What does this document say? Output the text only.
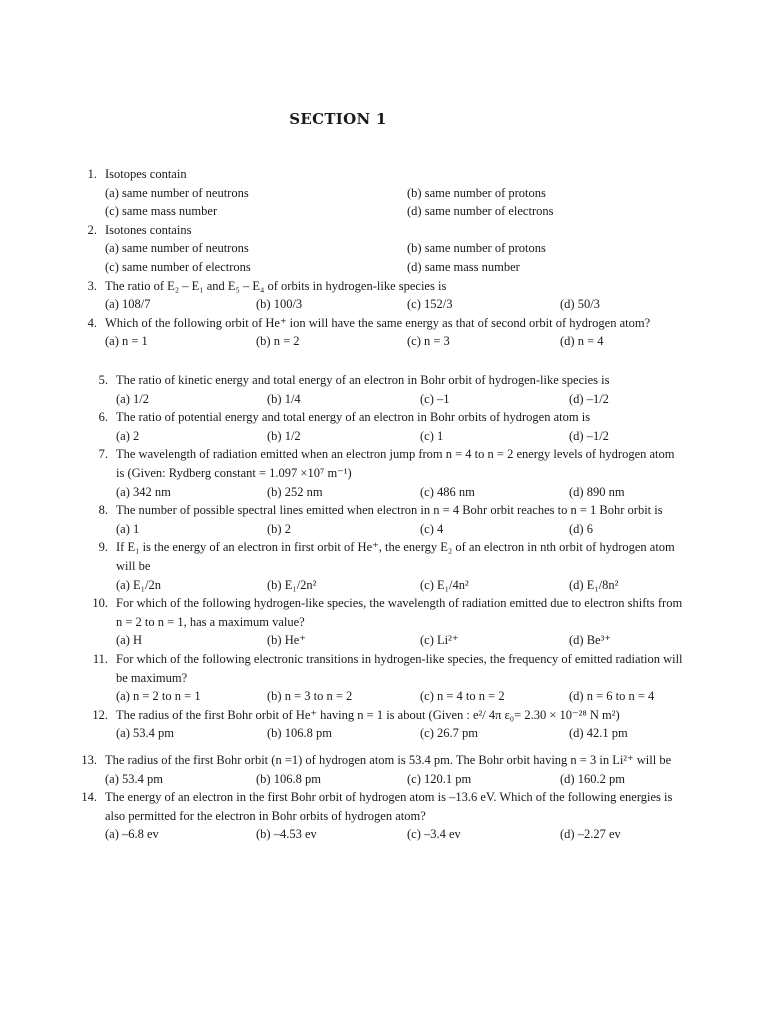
SECTION 1
1. Isotopes contain
(a) same number of neutrons	(b) same number of protons
(c) same mass number	(d) same number of electrons
2. Isotones contains
(a) same number of neutrons	(b) same number of protons
(c) same number of electrons	(d) same mass number
3. The ratio of E₂ – E₁ and E₅ – E₄ of orbits in hydrogen-like species is
(a) 108/7	(b) 100/3	(c) 152/3	(d) 50/3
4. Which of the following orbit of He⁺ ion will have the same energy as that of second orbit of hydrogen atom?
(a) n = 1	(b) n = 2	(c) n = 3	(d) n = 4
5. The ratio of kinetic energy and total energy of an electron in Bohr orbit of hydrogen-like species is
(a) 1/2	(b) 1/4	(c) –1	(d) –1/2
6. The ratio of potential energy and total energy of an electron in Bohr orbits of hydrogen atom is
(a) 2	(b) 1/2	(c) 1	(d) –1/2
7. The wavelength of radiation emitted when an electron jump from n = 4 to n = 2 energy levels of hydrogen atom
is (Given: Rydberg constant = 1.097 ×10⁷ m⁻¹)
(a) 342 nm	(b) 252 nm	(c) 486 nm	(d) 890 nm
8. The number of possible spectral lines emitted when electron in n = 4 Bohr orbit reaches to n = 1 Bohr orbit is
(a) 1	(b) 2	(c) 4	(d) 6
9. If E₁ is the energy of an electron in first orbit of He⁺, the energy E₂ of an electron in nth orbit of hydrogen atom
will be
(a) E₁/2n	(b) E₁/2n²	(c) E₁/4n²	(d) E₁/8n²
10. For which of the following hydrogen-like species, the wavelength of radiation emitted due to electron shifts from
n = 2 to n = 1, has a maximum value?
(a) H	(b) He⁺	(c) Li²⁺	(d) Be³⁺
11. For which of the following electronic transitions in hydrogen-like species, the frequency of emitted radiation will
be maximum?
(a) n = 2 to n = 1	(b) n = 3 to n = 2	(c) n = 4 to n = 2	(d) n = 6 to n = 4
12. The radius of the first Bohr orbit of He⁺ having n = 1 is about (Given : e²/ 4π ε₀= 2.30 × 10⁻²⁸ N m²)
(a) 53.4 pm	(b) 106.8 pm	(c) 26.7 pm	(d) 42.1 pm
13. The radius of the first Bohr orbit (n =1) of hydrogen atom is 53.4 pm. The Bohr orbit having n = 3 in Li²⁺ will be
(a) 53.4 pm	(b) 106.8 pm	(c) 120.1 pm	(d) 160.2 pm
14. The energy of an electron in the first Bohr orbit of hydrogen atom is –13.6 eV. Which of the following energies is
also permitted for the electron in Bohr orbits of hydrogen atom?
(a) –6.8 ev	(b) –4.53 ev	(c) –3.4 ev	(d) –2.27 ev
